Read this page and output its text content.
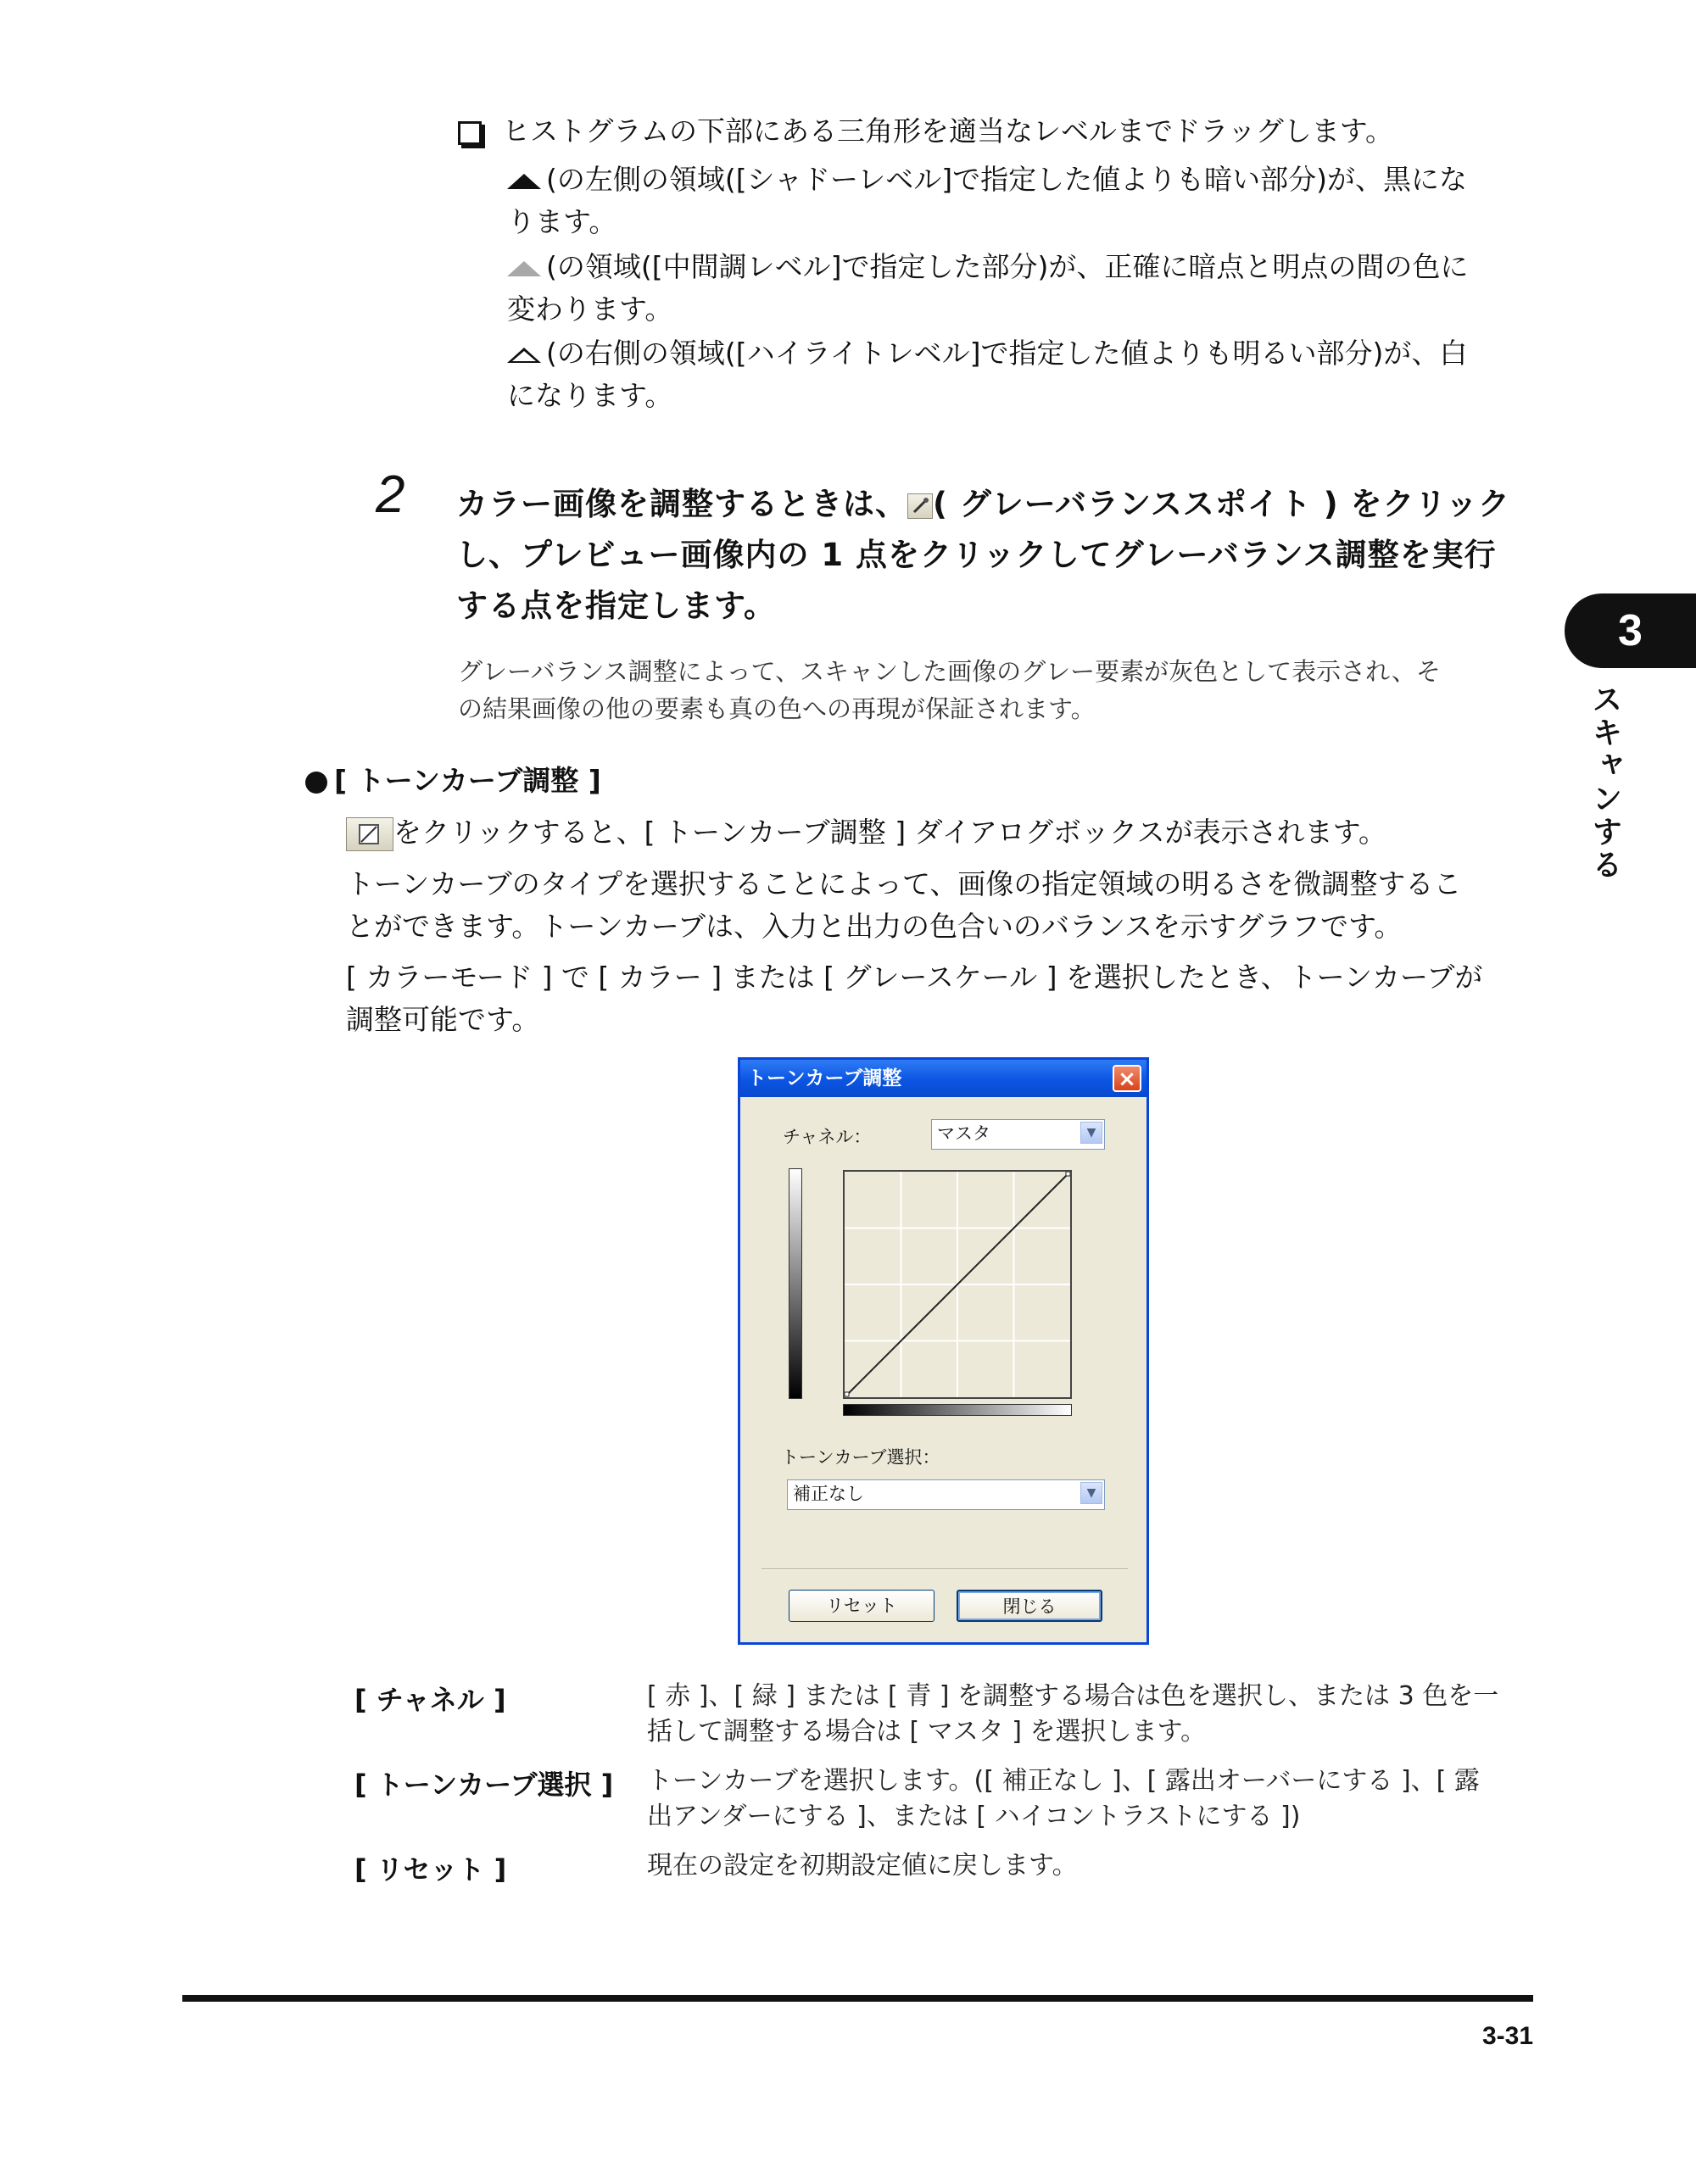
ヒストグラムの下部にある三角形を適当なレベルまでドラッグします。
(の左側の領域([シャドーレベル]で指定した値よりも暗い部分)が、黒にな
ります。
(の領域([中間調レベル]で指定した部分)が、正確に暗点と明点の間の色に
変わります。
(の右側の領域([ハイライトレベル]で指定した値よりも明るい部分)が、白
になります。
2 カラー画像を調整するときは、 ( グレーバランススポイト ) をクリック
し、プレビュー画像内の 1 点をクリックしてグレーバランス調整を実行
する点を指定します。
グレーバランス調整によって、スキャンした画像のグレー要素が灰色として表示され、そ
の結果画像の他の要素も真の色への再現が保証されます。
[ トーンカーブ調整 ]
をクリックすると、[ トーンカーブ調整 ] ダイアログボックスが表示されます。
トーンカーブのタイプを選択することによって、画像の指定領域の明るさを微調整するこ
とができます。トーンカーブは、入力と出力の色合いのバランスを示すグラフです。
[ カラーモード ] で [ カラー ] または [ グレースケール ] を選択したとき、トーンカーブが
調整可能です。
トーンカーブ調整	×
チャネル：	マスタ	▼
トーンカーブ選択：
補正なし	▼
リセット	閉じる
[ チャネル ]	[ 赤 ]、[ 緑 ] または [ 青 ] を調整する場合は色を選択し、または 3 色を一
括して調整する場合は [ マスタ ] を選択します。
[ トーンカーブ選択 ] トーンカーブを選択します。([ 補正なし ]、[ 露出オーバーにする ]、[ 露
出アンダーにする ]、または [ ハイコントラストにする ])
[ リセット ]	現在の設定を初期設定値に戻します。
3
スキャンする
3-31
